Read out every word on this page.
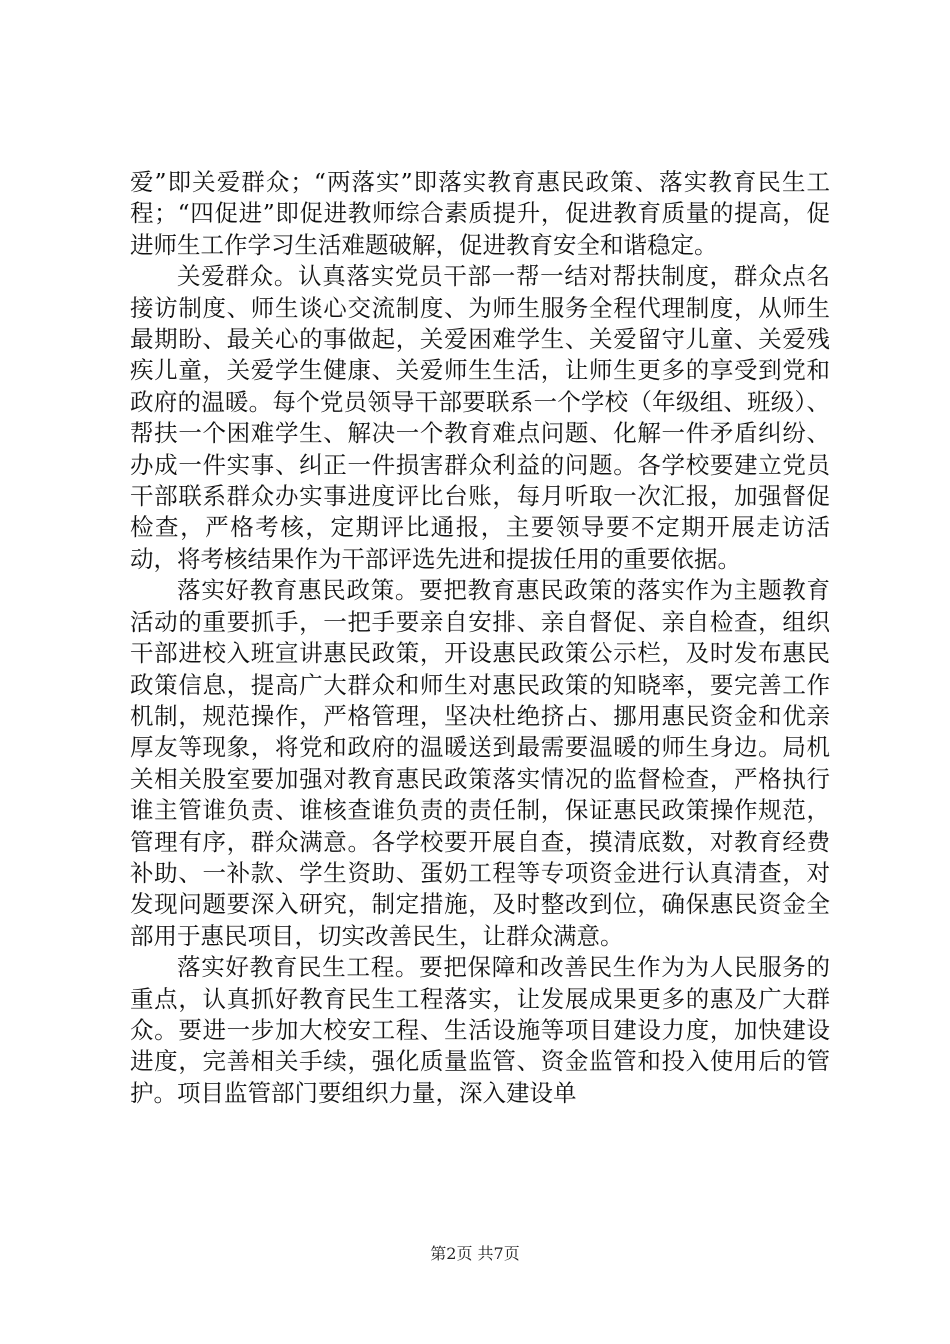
爱”即关爱群众；“两落实”即落实教育惠民政策、落实教育民生工程；“四促进”即促进教师综合素质提升，促进教育质量的提高，促进师生工作学习生活难题破解，促进教育安全和谐稳定。

关爱群众。认真落实党员干部一帮一结对帮扶制度，群众点名接访制度、师生谈心交流制度、为师生服务全程代理制度，从师生最期盼、最关心的事做起，关爱困难学生、关爱留守儿童、关爱残疾儿童，关爱学生健康、关爱师生生活，让师生更多的享受到党和政府的温暖。每个党员领导干部要联系一个学校（年级组、班级）、帮扶一个困难学生、解决一个教育难点问题、化解一件矛盾纠纷、办成一件实事、纠正一件损害群众利益的问题。各学校要建立党员干部联系群众办实事进度评比台账，每月听取一次汇报，加强督促检查，严格考核，定期评比通报，主要领导要不定期开展走访活动，将考核结果作为干部评选先进和提拔任用的重要依据。

落实好教育惠民政策。要把教育惠民政策的落实作为主题教育活动的重要抓手，一把手要亲自安排、亲自督促、亲自检查，组织干部进校入班宣讲惠民政策，开设惠民政策公示栏，及时发布惠民政策信息，提高广大群众和师生对惠民政策的知晓率，要完善工作机制，规范操作，严格管理，坚决杜绝挤占、挪用惠民资金和优亲厚友等现象，将党和政府的温暖送到最需要温暖的师生身边。局机关相关股室要加强对教育惠民政策落实情况的监督检查，严格执行谁主管谁负责、谁核查谁负责的责任制，保证惠民政策操作规范，管理有序，群众满意。各学校要开展自查，摸清底数，对教育经费补助、一补款、学生资助、蛋奶工程等专项资金进行认真清查，对发现问题要深入研究，制定措施，及时整改到位，确保惠民资金全部用于惠民项目，切实改善民生，让群众满意。

落实好教育民生工程。要把保障和改善民生作为为人民服务的重点，认真抓好教育民生工程落实，让发展成果更多的惠及广大群众。要进一步加大校安工程、生活设施等项目建设力度，加快建设进度，完善相关手续，强化质量监管、资金监管和投入使用后的管护。项目监管部门要组织力量，深入建设单

第2页 共7页
